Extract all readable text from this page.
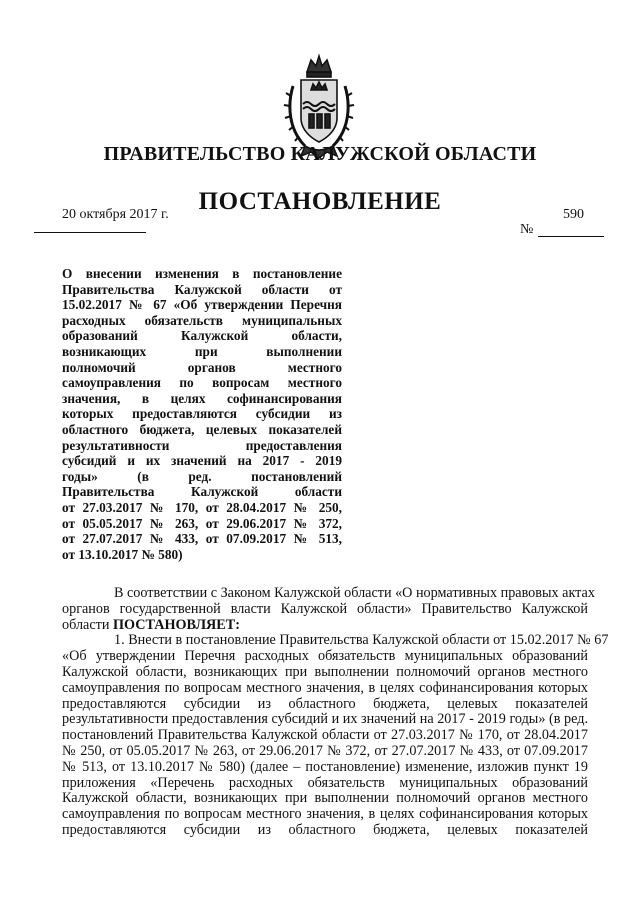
ПРАВИТЕЛЬСТВО КАЛУЖСКОЙ ОБЛАСТИ
ПОСТАНОВЛЕНИЕ
20 октября 2017 г.	590
№
О внесении изменения в постановление
Правительства Калужской области от
15.02.2017 № 67 «Об утверждении Перечня
расходных обязательств муниципальных
образований Калужской области,
возникающих при выполнении
полномочий органов местного
самоуправления по вопросам местного
значения, в целях софинансирования
которых предоставляются субсидии из
областного бюджета, целевых показателей
результативности предоставления
субсидий и их значений на 2017 - 2019
годы» (в ред. постановлений
Правительства Калужской области
от 27.03.2017 № 170, от 28.04.2017 № 250,
от 05.05.2017 № 263, от 29.06.2017 № 372,
от 27.07.2017 № 433, от 07.09.2017 № 513,
от 13.10.2017 № 580)
В соответствии с Законом Калужской области «О нормативных правовых актах
органов государственной власти Калужской области» Правительство Калужской
области ПОСТАНОВЛЯЕТ:
1. Внести в постановление Правительства Калужской области от 15.02.2017 № 67
«Об утверждении Перечня расходных обязательств муниципальных образований
Калужской области, возникающих при выполнении полномочий органов местного
самоуправления по вопросам местного значения, в целях софинансирования которых
предоставляются субсидии из областного бюджета, целевых показателей
результативности предоставления субсидий и их значений на 2017 - 2019 годы» (в ред.
постановлений Правительства Калужской области от 27.03.2017 № 170, от 28.04.2017
№ 250, от 05.05.2017 № 263, от 29.06.2017 № 372, от 27.07.2017 № 433, от 07.09.2017
№ 513, от 13.10.2017 № 580) (далее – постановление) изменение, изложив пункт 19
приложения «Перечень расходных обязательств муниципальных образований
Калужской области, возникающих при выполнении полномочий органов местного
самоуправления по вопросам местного значения, в целях софинансирования которых
предоставляются субсидии из областного бюджета, целевых показателей
